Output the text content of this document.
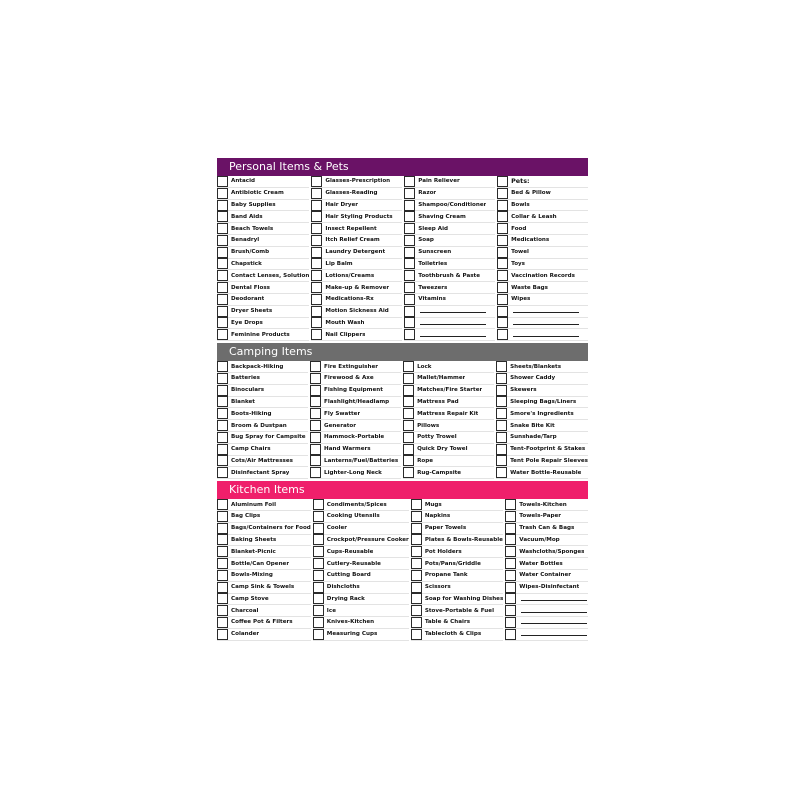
Personal Items & Pets
Antacid
Antibiotic Cream
Baby Supplies
Band Aids
Beach Towels
Benadryl
Brush/Comb
Chapstick
Contact Lenses, Solution
Dental Floss
Deodorant
Dryer Sheets
Eye Drops
Feminine Products
Glasses-Prescription
Glasses-Reading
Hair Dryer
Hair Styling Products
Insect Repellent
Itch Relief Cream
Laundry Detergent
Lip Balm
Lotions/Creams
Make-up & Remover
Medications-Rx
Motion Sickness Aid
Mouth Wash
Nail Clippers
Pain Reliever
Razor
Shampoo/Conditioner
Shaving Cream
Sleep Aid
Soap
Sunscreen
Toiletries
Toothbrush & Paste
Tweezers
Vitamins
Pets:
Bed & Pillow
Bowls
Collar & Leash
Food
Medications
Towel
Toys
Vaccination Records
Waste Bags
Wipes
Camping Items
Backpack-Hiking
Batteries
Binoculars
Blanket
Boots-Hiking
Broom & Dustpan
Bug Spray for Campsite
Camp Chairs
Cots/Air Mattresses
Disinfectant Spray
Fire Extinguisher
Firewood & Axe
Fishing Equipment
Flashlight/Headlamp
Fly Swatter
Generator
Hammock-Portable
Hand Warmers
Lanterns/Fuel/Batteries
Lighter-Long Neck
Lock
Mallet/Hammer
Matches/Fire Starter
Mattress Pad
Mattress Repair Kit
Pillows
Potty Trowel
Quick Dry Towel
Rope
Rug-Campsite
Sheets/Blankets
Shower Caddy
Skewers
Sleeping Bags/Liners
Smore's Ingredients
Snake Bite Kit
Sunshade/Tarp
Tent-Footprint & Stakes
Tent Pole Repair Sleeves
Water Bottle-Reusable
Kitchen Items
Aluminum Foil
Bag Clips
Bags/Containers for Food
Baking Sheets
Blanket-Picnic
Bottle/Can Opener
Bowls-Mixing
Camp Sink & Towels
Camp Stove
Charcoal
Coffee Pot & Filters
Colander
Condiments/Spices
Cooking Utensils
Cooler
Crockpot/Pressure Cooker
Cups-Reusable
Cutlery-Reusable
Cutting Board
Dishcloths
Drying Rack
Ice
Knives-Kitchen
Measuring Cups
Mugs
Napkins
Paper Towels
Plates & Bowls-Reusable
Pot Holders
Pots/Pans/Griddle
Propane Tank
Scissors
Soap for Washing Dishes
Stove-Portable & Fuel
Table & Chairs
Tablecloth & Clips
Towels-Kitchen
Towels-Paper
Trash Can & Bags
Vacuum/Mop
Washcloths/Sponges
Water Bottles
Water Container
Wipes-Disinfectant
